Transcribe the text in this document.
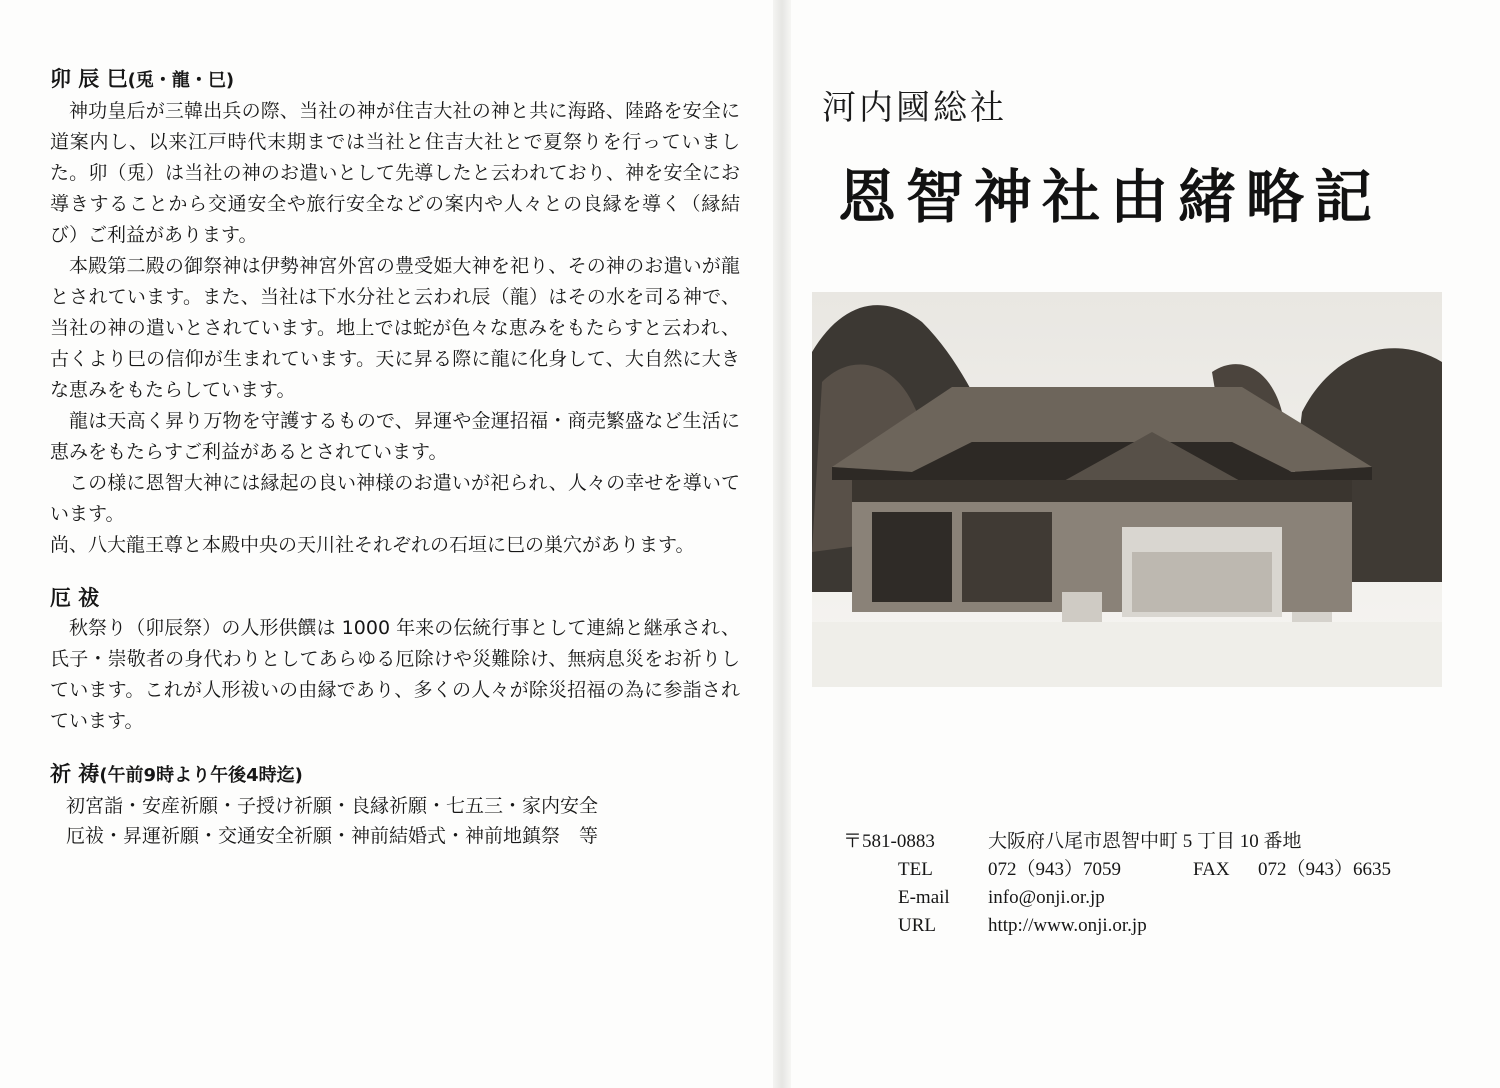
卯 辰 巳(兎・龍・巳)

神功皇后が三韓出兵の際、当社の神が住吉大社の神と共に海路、陸路を安全に道案内し、以来江戸時代末期までは当社と住吉大社とで夏祭りを行っていました。卯（兎）は当社の神のお遣いとして先導したと云われており、神を安全にお導きすることから交通安全や旅行安全などの案内や人々との良縁を導く（縁結び）ご利益があります。

本殿第二殿の御祭神は伊勢神宮外宮の豊受姫大神を祀り、その神のお遣いが龍とされています。また、当社は下水分社と云われ辰（龍）はその水を司る神で、当社の神の遣いとされています。地上では蛇が色々な恵みをもたらすと云われ、古くより巳の信仰が生まれています。天に昇る際に龍に化身して、大自然に大きな恵みをもたらしています。

龍は天高く昇り万物を守護するもので、昇運や金運招福・商売繁盛など生活に恵みをもたらすご利益があるとされています。

この様に恩智大神には縁起の良い神様のお遣いが祀られ、人々の幸せを導いています。

尚、八大龍王尊と本殿中央の天川社それぞれの石垣に巳の巣穴があります。

厄 祓

秋祭り（卯辰祭）の人形供饌は 1000 年来の伝統行事として連綿と継承され、氏子・崇敬者の身代わりとしてあらゆる厄除けや災難除け、無病息災をお祈りしています。これが人形祓いの由縁であり、多くの人々が除災招福の為に参詣されています。

祈 祷(午前9時より午後4時迄)

初宮詣・安産祈願・子授け祈願・良縁祈願・七五三・家内安全

厄祓・昇運祈願・交通安全祈願・神前結婚式・神前地鎮祭　等

河内國総社
恩智神社由緒略記
〒581-0883	大阪府八尾市恩智中町 5 丁目 10 番地
TEL	072（943）7059	FAX 072（943）6635
E-mail info@onji.or.jp
URL	http://www.onji.or.jp
